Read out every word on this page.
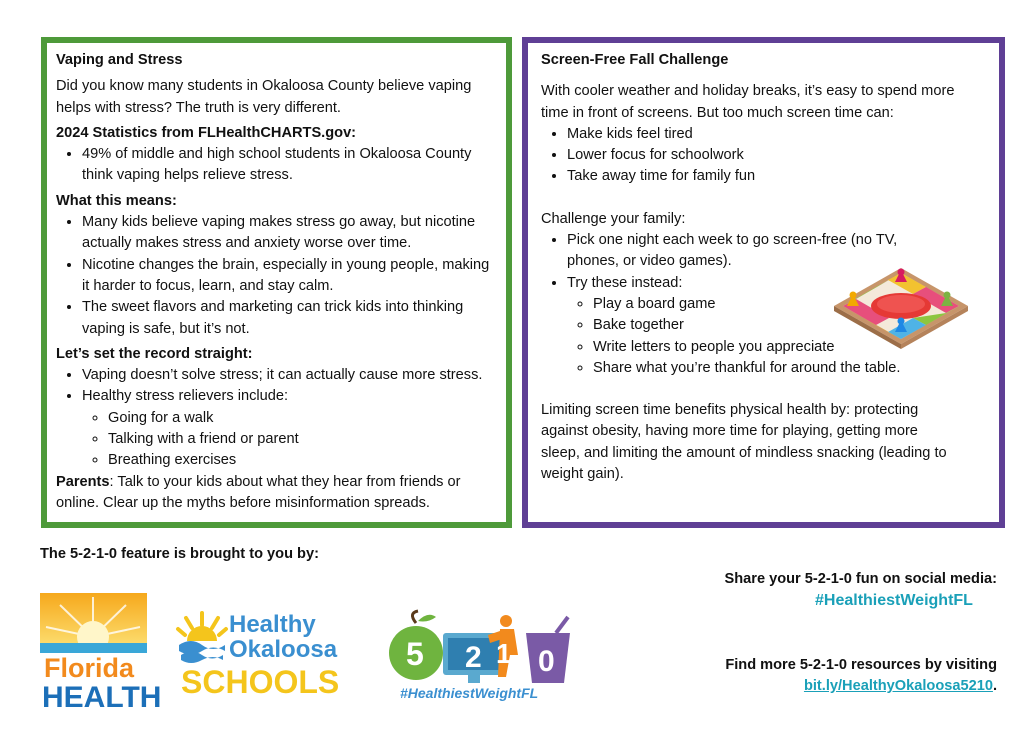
Vaping and Stress

Did you know many students in Okaloosa County believe vaping helps with stress? The truth is very different.

2024 Statistics from FLHealthCHARTS.gov:
• 49% of middle and high school students in Okaloosa County think vaping helps relieve stress.
What this means:
• Many kids believe vaping makes stress go away, but nicotine actually makes stress and anxiety worse over time.
• Nicotine changes the brain, especially in young people, making it harder to focus, learn, and stay calm.
• The sweet flavors and marketing can trick kids into thinking vaping is safe, but it’s not.
Let’s set the record straight:
• Vaping doesn’t solve stress; it can actually cause more stress.
• Healthy stress relievers include:
◦ Going for a walk
◦ Talking with a friend or parent
◦ Breathing exercises

Parents: Talk to your kids about what they hear from friends or online. Clear up the myths before misinformation spreads.

Screen-Free Fall Challenge

With cooler weather and holiday breaks, it’s easy to spend more time in front of screens. But too much screen time can:

• Make kids feel tired
• Lower focus for schoolwork
• Take away time for family fun

Challenge your family:

• Pick one night each week to go screen-free (no TV, phones, or video games).
• Try these instead:
◦ Play a board game
◦ Bake together
◦ Write letters to people you appreciate
◦ Share what you’re thankful for around the table.

Limiting screen time benefits physical health by: protecting against obesity, having more time for playing, getting more sleep, and limiting the amount of mindless snacking (leading to weight gain).

The 5-2-1-0 feature is brought to you by:
Florida
HEALTH
Healthy
Okaloosa
SCHOOLS
5 2 1 0
#HealthiestWeightFL
Share your 5-2-1-0 fun on social media:
#HealthiestWeightFL
Find more 5-2-1-0 resources by visiting
bit.ly/HealthyOkaloosa5210.
